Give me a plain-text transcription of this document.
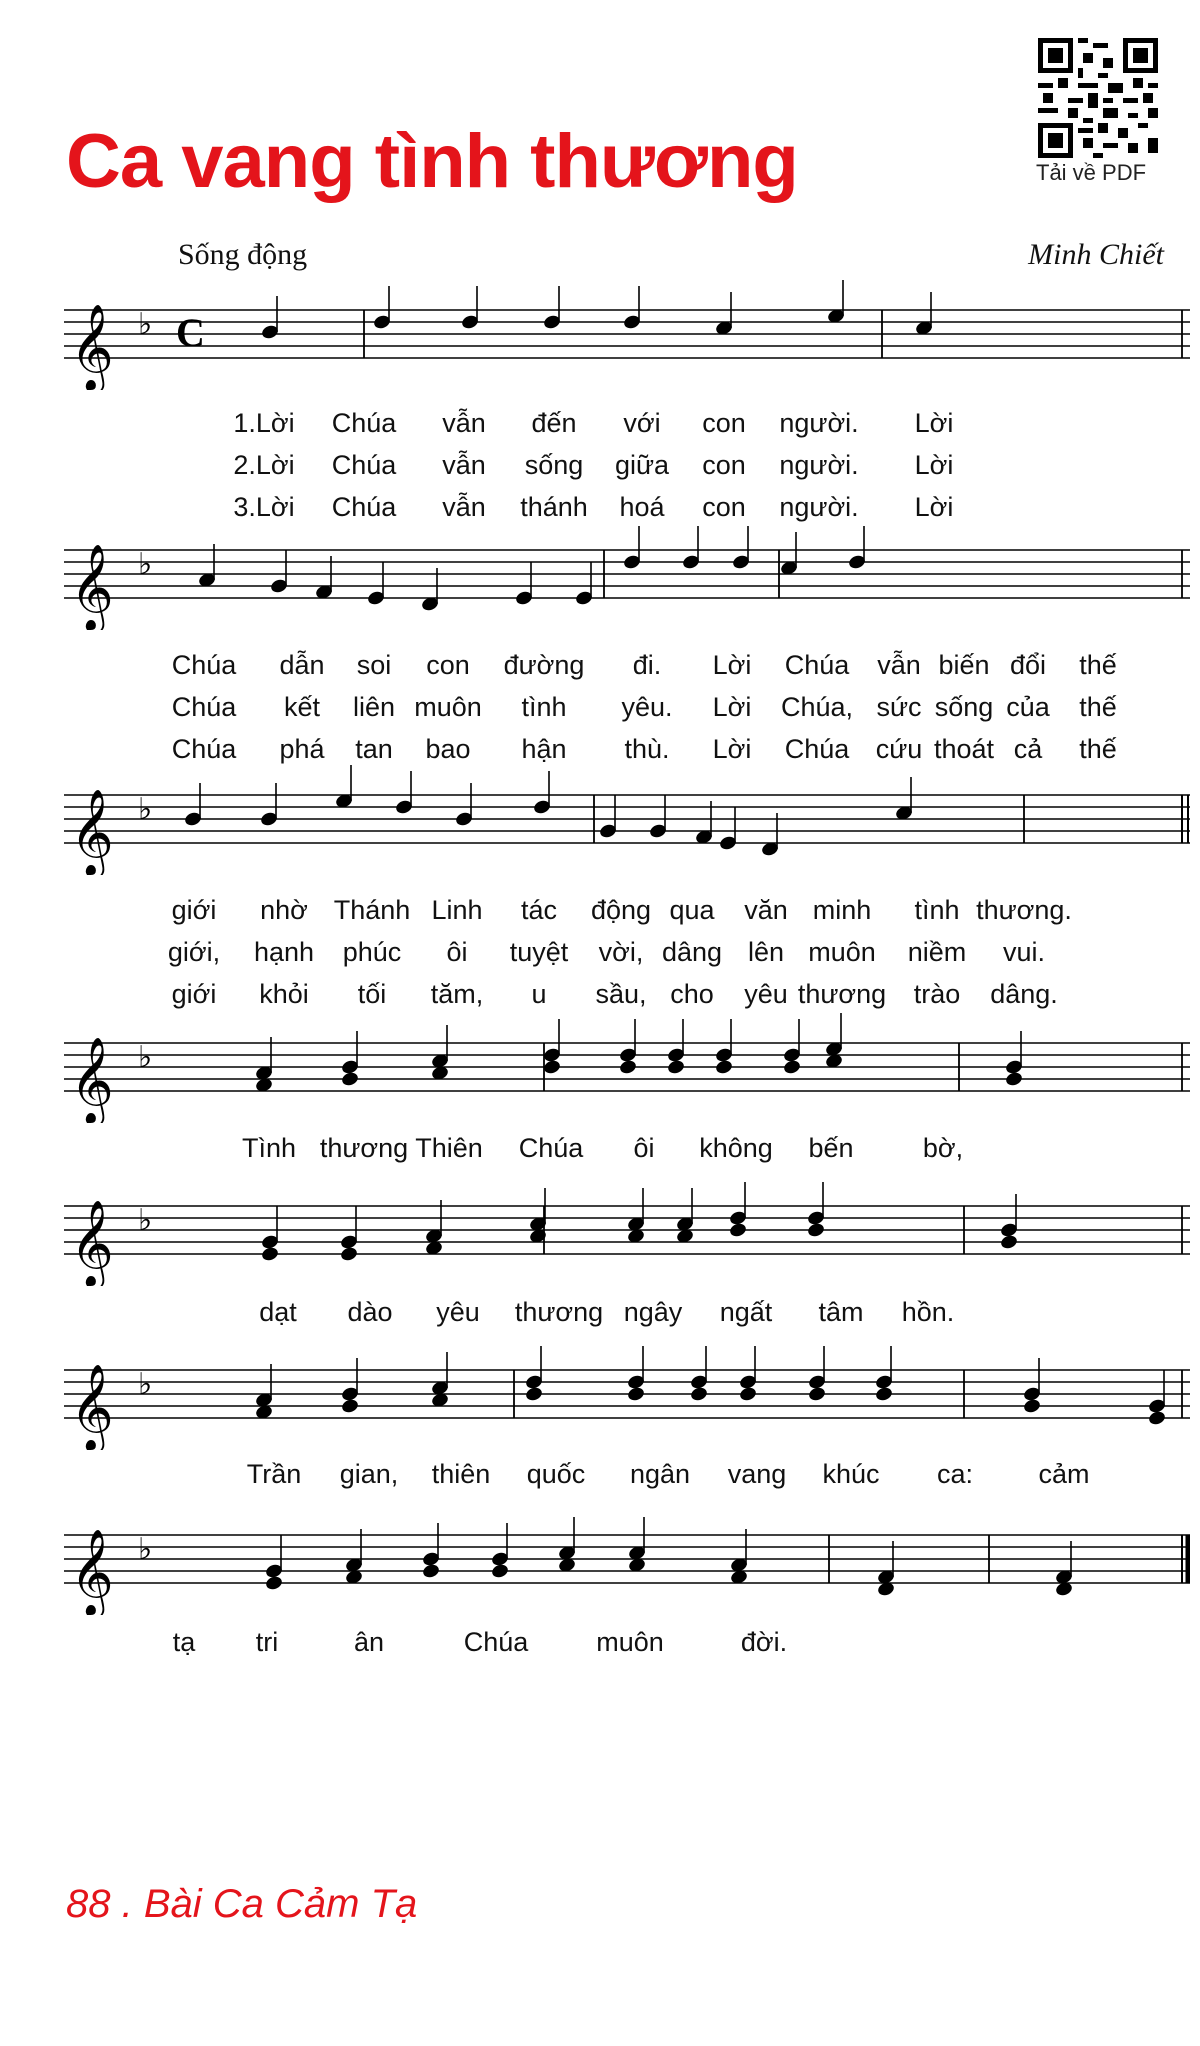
Ca vang tình thương	Tải về PDF
Sống động	Minh Chiết
𝄞 ♭ C
1.Lời Chúa vẫn đến với con người. Lời
2.Lời Chúa vẫn sống giữa con người. Lời
3.Lời Chúa vẫn thánh hoá con người. Lời
𝄞 ♭
Chúa dẫn soi con đường đi. Lời Chúa vẫn biến đổi thế
Chúa kết liên muôn tình yêu. Lời Chúa, sức sống của thế
Chúa phá tan bao hận thù. Lời Chúa cứu thoát cả thế
𝄞 ♭
giới nhờ Thánh Linh tác động qua văn minh tình thương.
giới, hạnh phúc ôi tuyệt vời, dâng lên muôn niềm vui.
giới khỏi tối tăm, u sầu, cho yêu thương trào dâng.
𝄞 ♭
Tình thương Thiên Chúa ôi không bến	bờ,
𝄞 ♭
dạt dào yêu thương ngây ngất tâm hồn.
𝄞 ♭
Trần gian, thiên quốc ngân vang khúc ca: cảm
𝄞 ♭
tạ tri	ân	Chúa	muôn	đời.
88 . Bài Ca Cảm Tạ
